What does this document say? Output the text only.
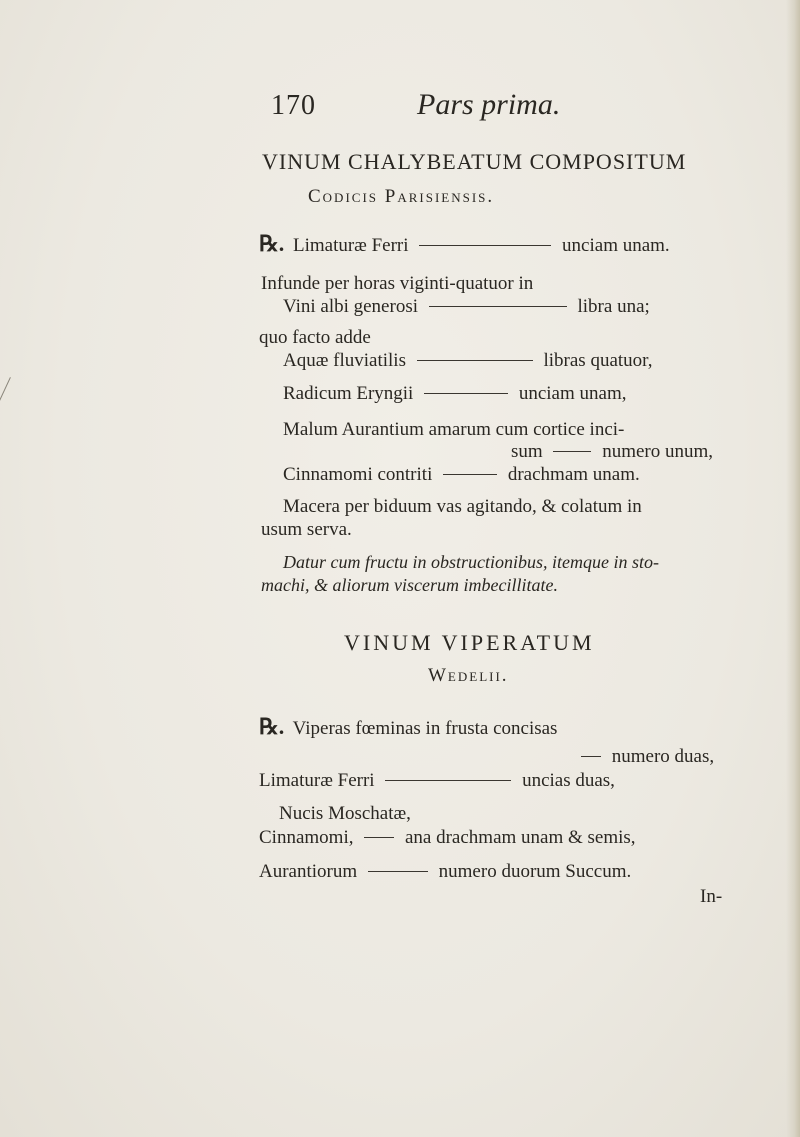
170	Pars prima.
VINUM CHALYBEATUM COMPOSITUM
Codicis Parisiensis.
℞. Limaturæ Ferri	unciam unam.
Infunde per horas viginti-quatuor in
Vini albi generosi	libra una;
quo facto adde
Aquæ fluviatilis	libras quatuor,
Radicum Eryngii	unciam unam,
Malum Aurantium amarum cum cortice inci-
sum	numero unum,
Cinnamomi contriti	drachmam unam.
Macera per biduum vas agitando, & colatum in
usum serva.
Datur cum fructu in obstructionibus, itemque in sto-
machi, & aliorum viscerum imbecillitate.
VINUM VIPERATUM
Wedelii.
℞. Viperas fœminas in frusta concisas
numero duas,
Limaturæ Ferri	uncias duas,
Nucis Moschatæ,
Cinnamomi,	ana drachmam unam & semis,
Aurantiorum	numero duorum Succum.
In-
